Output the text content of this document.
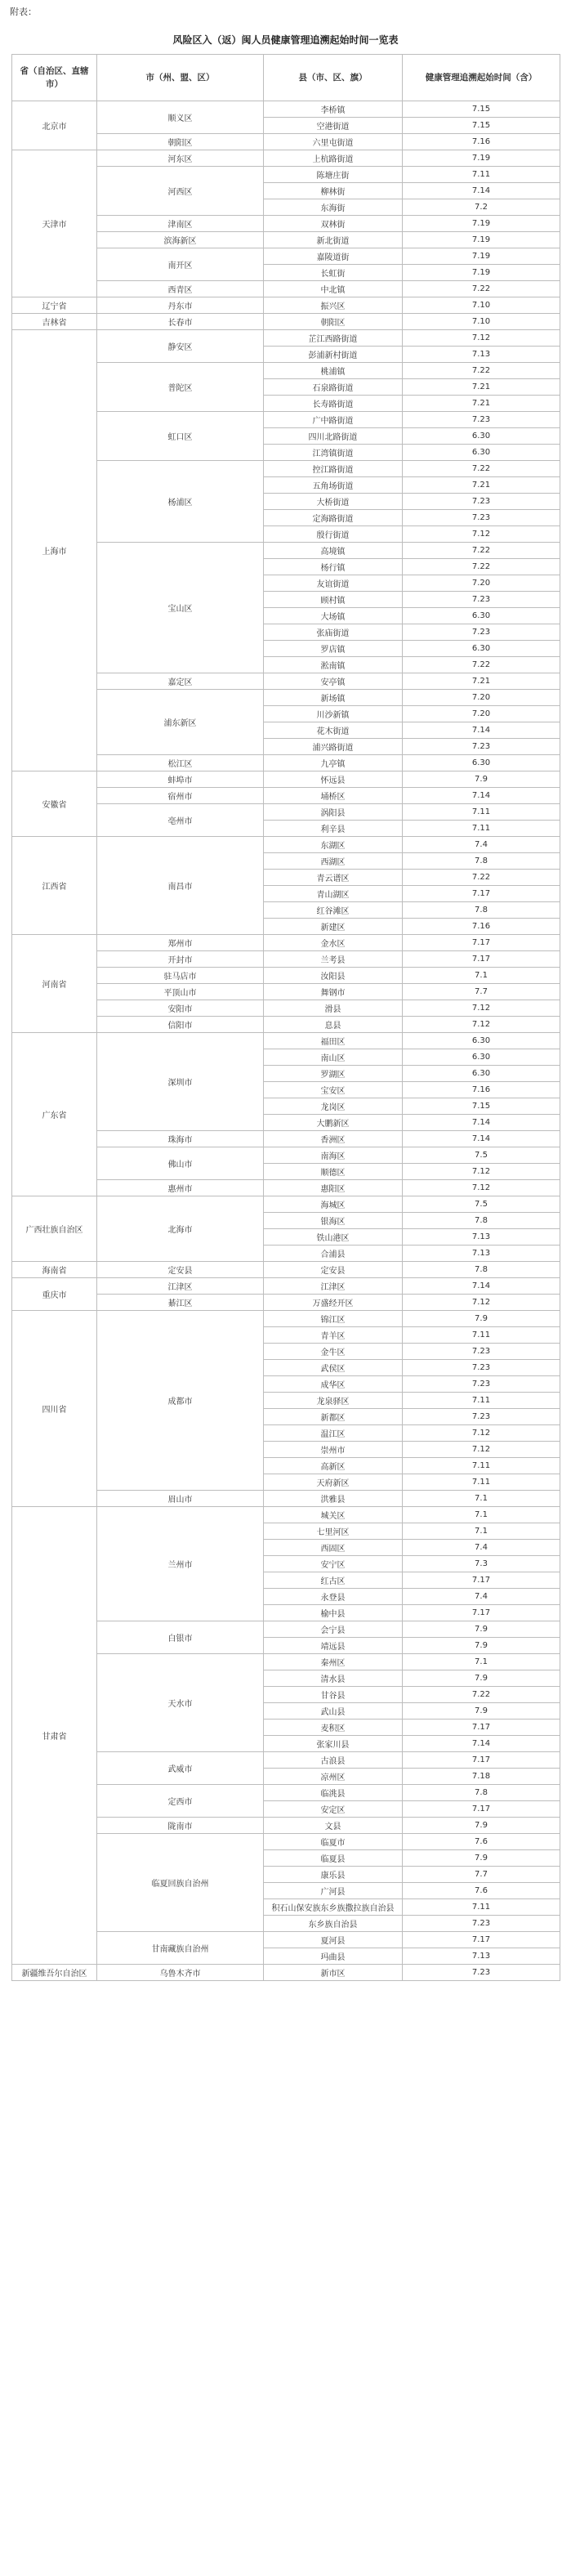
附表：
风险区入（返）闽人员健康管理追溯起始时间一览表
省（自治区、直辖市）	市（州、盟、区）	县（市、区、旗）	健康管理追溯起始时间（含）
北京市	顺义区	李桥镇	7.15
		空港街道	7.15
	朝阳区	六里屯街道	7.16
天津市	河东区	上杭路街道	7.19
	河西区	陈塘庄街	7.11
		柳林街	7.14
		东海街	7.2
	津南区	双林街	7.19
	滨海新区	新北街道	7.19
	南开区	嘉陵道街	7.19
		长虹街	7.19
	西青区	中北镇	7.22
辽宁省	丹东市	振兴区	7.10
吉林省	长春市	朝阳区	7.10
上海市	静安区	芷江西路街道	7.12
		彭浦新村街道	7.13
	普陀区	桃浦镇	7.22
		石泉路街道	7.21
		长寿路街道	7.21
	虹口区	广中路街道	7.23
		四川北路街道	6.30
		江湾镇街道	6.30
	杨浦区	控江路街道	7.22
		五角场街道	7.21
		大桥街道	7.23
		定海路街道	7.23
		殷行街道	7.12
	宝山区	高境镇	7.22
		杨行镇	7.22
		友谊街道	7.20
		顾村镇	7.23
		大场镇	6.30
		张庙街道	7.23
		罗店镇	6.30
		淞南镇	7.22
	嘉定区	安亭镇	7.21
	浦东新区	新场镇	7.20
		川沙新镇	7.20
		花木街道	7.14
		浦兴路街道	7.23
	松江区	九亭镇	6.30
安徽省	蚌埠市	怀远县	7.9
	宿州市	埇桥区	7.14
	亳州市	涡阳县	7.11
		利辛县	7.11
江西省	南昌市	东湖区	7.4
		西湖区	7.8
		青云谱区	7.22
		青山湖区	7.17
		红谷滩区	7.8
		新建区	7.16
河南省	郑州市	金水区	7.17
	开封市	兰考县	7.17
	驻马店市	汝阳县	7.1
	平顶山市	舞钢市	7.7
	安阳市	滑县	7.12
	信阳市	息县	7.12
广东省	深圳市	福田区	6.30
		南山区	6.30
		罗湖区	6.30
		宝安区	7.16
		龙岗区	7.15
		大鹏新区	7.14
	珠海市	香洲区	7.14
	佛山市	南海区	7.5
		顺德区	7.12
	惠州市	惠阳区	7.12
广西壮族自治区	北海市	海城区	7.5
		银海区	7.8
		铁山港区	7.13
		合浦县	7.13
海南省	定安县	定安县	7.8
重庆市	江津区	江津区	7.14
	綦江区	万盛经开区	7.12
四川省	成都市	锦江区	7.9
		青羊区	7.11
		金牛区	7.23
		武侯区	7.23
		成华区	7.23
		龙泉驿区	7.11
		新都区	7.23
		温江区	7.12
		崇州市	7.12
		高新区	7.11
		天府新区	7.11
	眉山市	洪雅县	7.1
甘肃省	兰州市	城关区	7.1
		七里河区	7.1
		西固区	7.4
		安宁区	7.3
		红古区	7.17
		永登县	7.4
		榆中县	7.17
	白银市	会宁县	7.9
		靖远县	7.9
	天水市	秦州区	7.1
		清水县	7.9
		甘谷县	7.22
		武山县	7.9
		麦积区	7.17
		张家川县	7.14
	武威市	古浪县	7.17
		凉州区	7.18
	定西市	临洮县	7.8
		安定区	7.17
	陇南市	文县	7.9
	临夏回族自治州	临夏市	7.6
		临夏县	7.9
		康乐县	7.7
		广河县	7.6
		积石山保安族东乡族撒拉族自治县	7.11
		东乡族自治县	7.23
	甘南藏族自治州	夏河县	7.17
		玛曲县	7.13
新疆维吾尔自治区	乌鲁木齐市	新市区	7.23
